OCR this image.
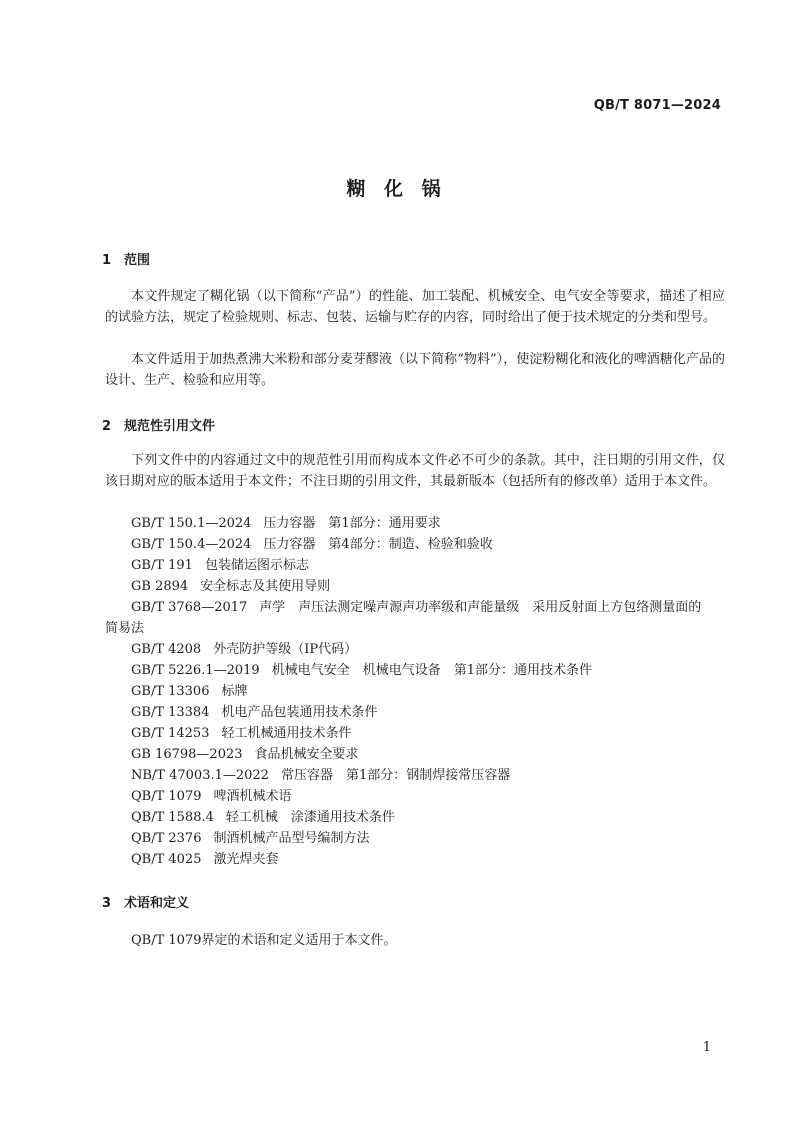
QB/T 8071—2024
糊 化 锅
1 范围

本文件规定了糊化锅（以下简称“产品”）的性能、加工装配、机械安全、电气安全等要求，描述了相应的试验方法，规定了检验规则、标志、包装、运输与贮存的内容，同时给出了便于技术规定的分类和型号。

本文件适用于加热煮沸大米粉和部分麦芽醪液（以下简称“物料”），使淀粉糊化和液化的啤酒糖化产品的设计、生产、检验和应用等。

2 规范性引用文件

下列文件中的内容通过文中的规范性引用而构成本文件必不可少的条款。其中，注日期的引用文件，仅该日期对应的版本适用于本文件；不注日期的引用文件，其最新版本（包括所有的修改单）适用于本文件。

GB/T 150.1—2024 压力容器　第1部分：通用要求
GB/T 150.4—2024 压力容器　第4部分：制造、检验和验收
GB/T 191 包装储运图示标志
GB 2894 安全标志及其使用导则
GB/T 3768—2017 声学　声压法测定噪声源声功率级和声能量级　采用反射面上方包络测量面的
简易法
GB/T 4208 外壳防护等级（IP代码）
GB/T 5226.1—2019 机械电气安全　机械电气设备　第1部分：通用技术条件
GB/T 13306 标牌
GB/T 13384 机电产品包装通用技术条件
GB/T 14253 轻工机械通用技术条件
GB 16798—2023 食品机械安全要求
NB/T 47003.1—2022 常压容器　第1部分：钢制焊接常压容器
QB/T 1079 啤酒机械术语
QB/T 1588.4 轻工机械　涂漆通用技术条件
QB/T 2376 制酒机械产品型号编制方法
QB/T 4025 激光焊夹套
3 术语和定义

QB/T 1079界定的术语和定义适用于本文件。

1
